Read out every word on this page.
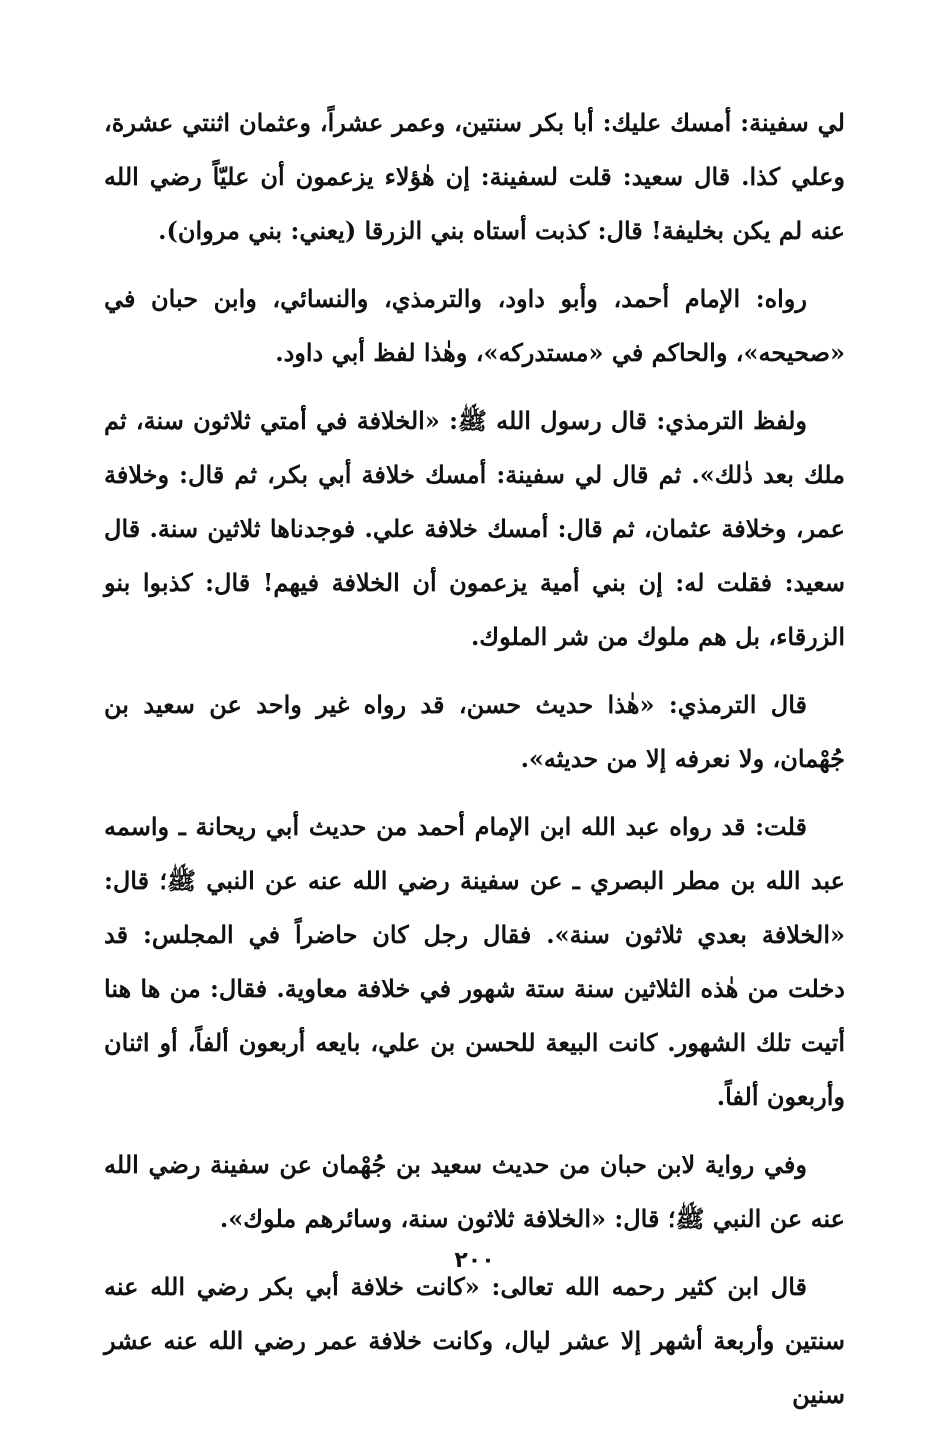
لي سفينة: أمسك عليك: أبا بكر سنتين، وعمر عشراً، وعثمان اثنتي عشرة، وعلي كذا. قال سعيد: قلت لسفينة: إن هٰؤلاء يزعمون أن عليّاً رضي الله عنه لم يكن بخليفة! قال: كذبت أستاه بني الزرقا (يعني: بني مروان).

رواه: الإمام أحمد، وأبو داود، والترمذي، والنسائي، وابن حبان في «صحيحه»، والحاكم في «مستدركه»، وهٰذا لفظ أبي داود.

ولفظ الترمذي: قال رسول الله ﷺ: «الخلافة في أمتي ثلاثون سنة، ثم ملك بعد ذٰلك». ثم قال لي سفينة: أمسك خلافة أبي بكر، ثم قال: وخلافة عمر، وخلافة عثمان، ثم قال: أمسك خلافة علي. فوجدناها ثلاثين سنة. قال سعيد: فقلت له: إن بني أمية يزعمون أن الخلافة فيهم! قال: كذبوا بنو الزرقاء، بل هم ملوك من شر الملوك.

قال الترمذي: «هٰذا حديث حسن، قد رواه غير واحد عن سعيد بن جُهْمان، ولا نعرفه إلا من حديثه».

قلت: قد رواه عبد الله ابن الإمام أحمد من حديث أبي ريحانة ـ واسمه عبد الله بن مطر البصري ـ عن سفينة رضي الله عنه عن النبي ﷺ؛ قال: «الخلافة بعدي ثلاثون سنة». فقال رجل كان حاضراً في المجلس: قد دخلت من هٰذه الثلاثين سنة ستة شهور في خلافة معاوية. فقال: من ها هنا أتيت تلك الشهور. كانت البيعة للحسن بن علي، بايعه أربعون ألفاً، أو اثنان وأربعون ألفاً.

وفي رواية لابن حبان من حديث سعيد بن جُهْمان عن سفينة رضي الله عنه عن النبي ﷺ؛ قال: «الخلافة ثلاثون سنة، وسائرهم ملوك».

قال ابن كثير رحمه الله تعالى: «كانت خلافة أبي بكر رضي الله عنه سنتين وأربعة أشهر إلا عشر ليال، وكانت خلافة عمر رضي الله عنه عشر سنين

٢٠٠
